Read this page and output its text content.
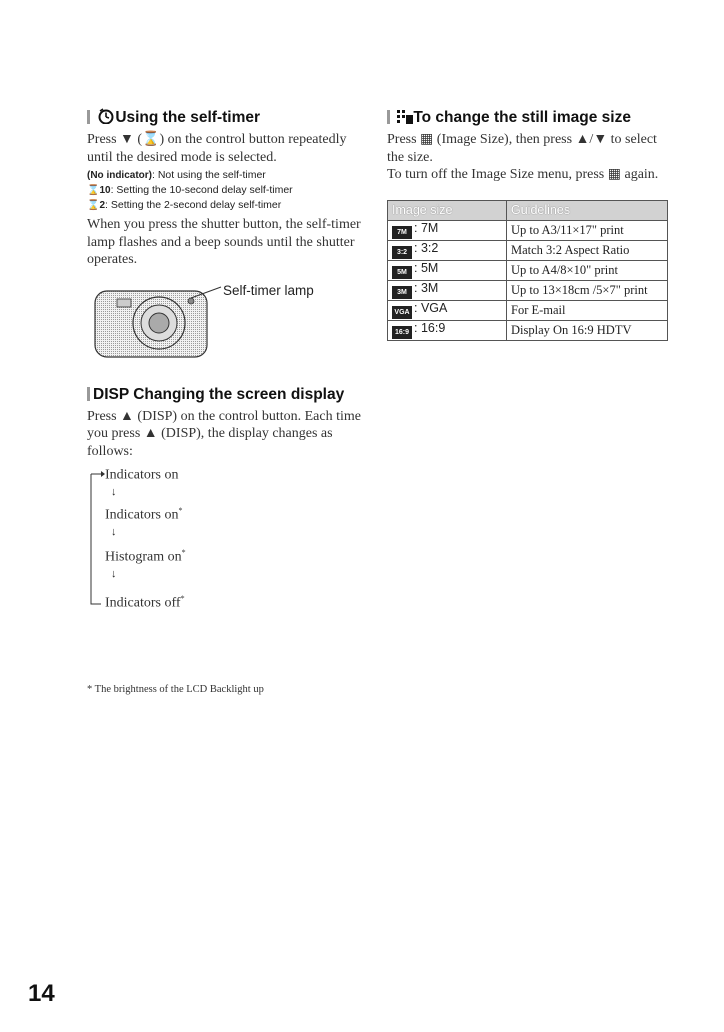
Using the self-timer

Press ▼ (⌛) on the control button repeatedly until the desired mode is selected.

(No indicator): Not using the self-timer
⌛10: Setting the 10-second delay self-timer
⌛2: Setting the 2-second delay self-timer

When you press the shutter button, the self-timer lamp flashes and a beep sounds until the shutter operates.

Self-timer lamp
DISP Changing the screen display

Press ▲ (DISP) on the control button. Each time you press ▲ (DISP), the display changes as follows:

Indicators on
↓
Indicators on*
↓
Histogram on*
↓
Indicators off*
* The brightness of the LCD Backlight up
To change the still image size

Press ▦ (Image Size), then press ▲/▼ to select the size.

To turn off the Image Size menu, press ▦ again.

Image size	Guidelines
7M : 7M	Up to A3/11×17" print
3:2 : 3:2	Match 3:2 Aspect Ratio
5M : 5M	Up to A4/8×10" print
3M : 3M	Up to 13×18cm /5×7" print
VGA : VGA	For E-mail
16:9 : 16:9	Display On 16:9 HDTV
14
